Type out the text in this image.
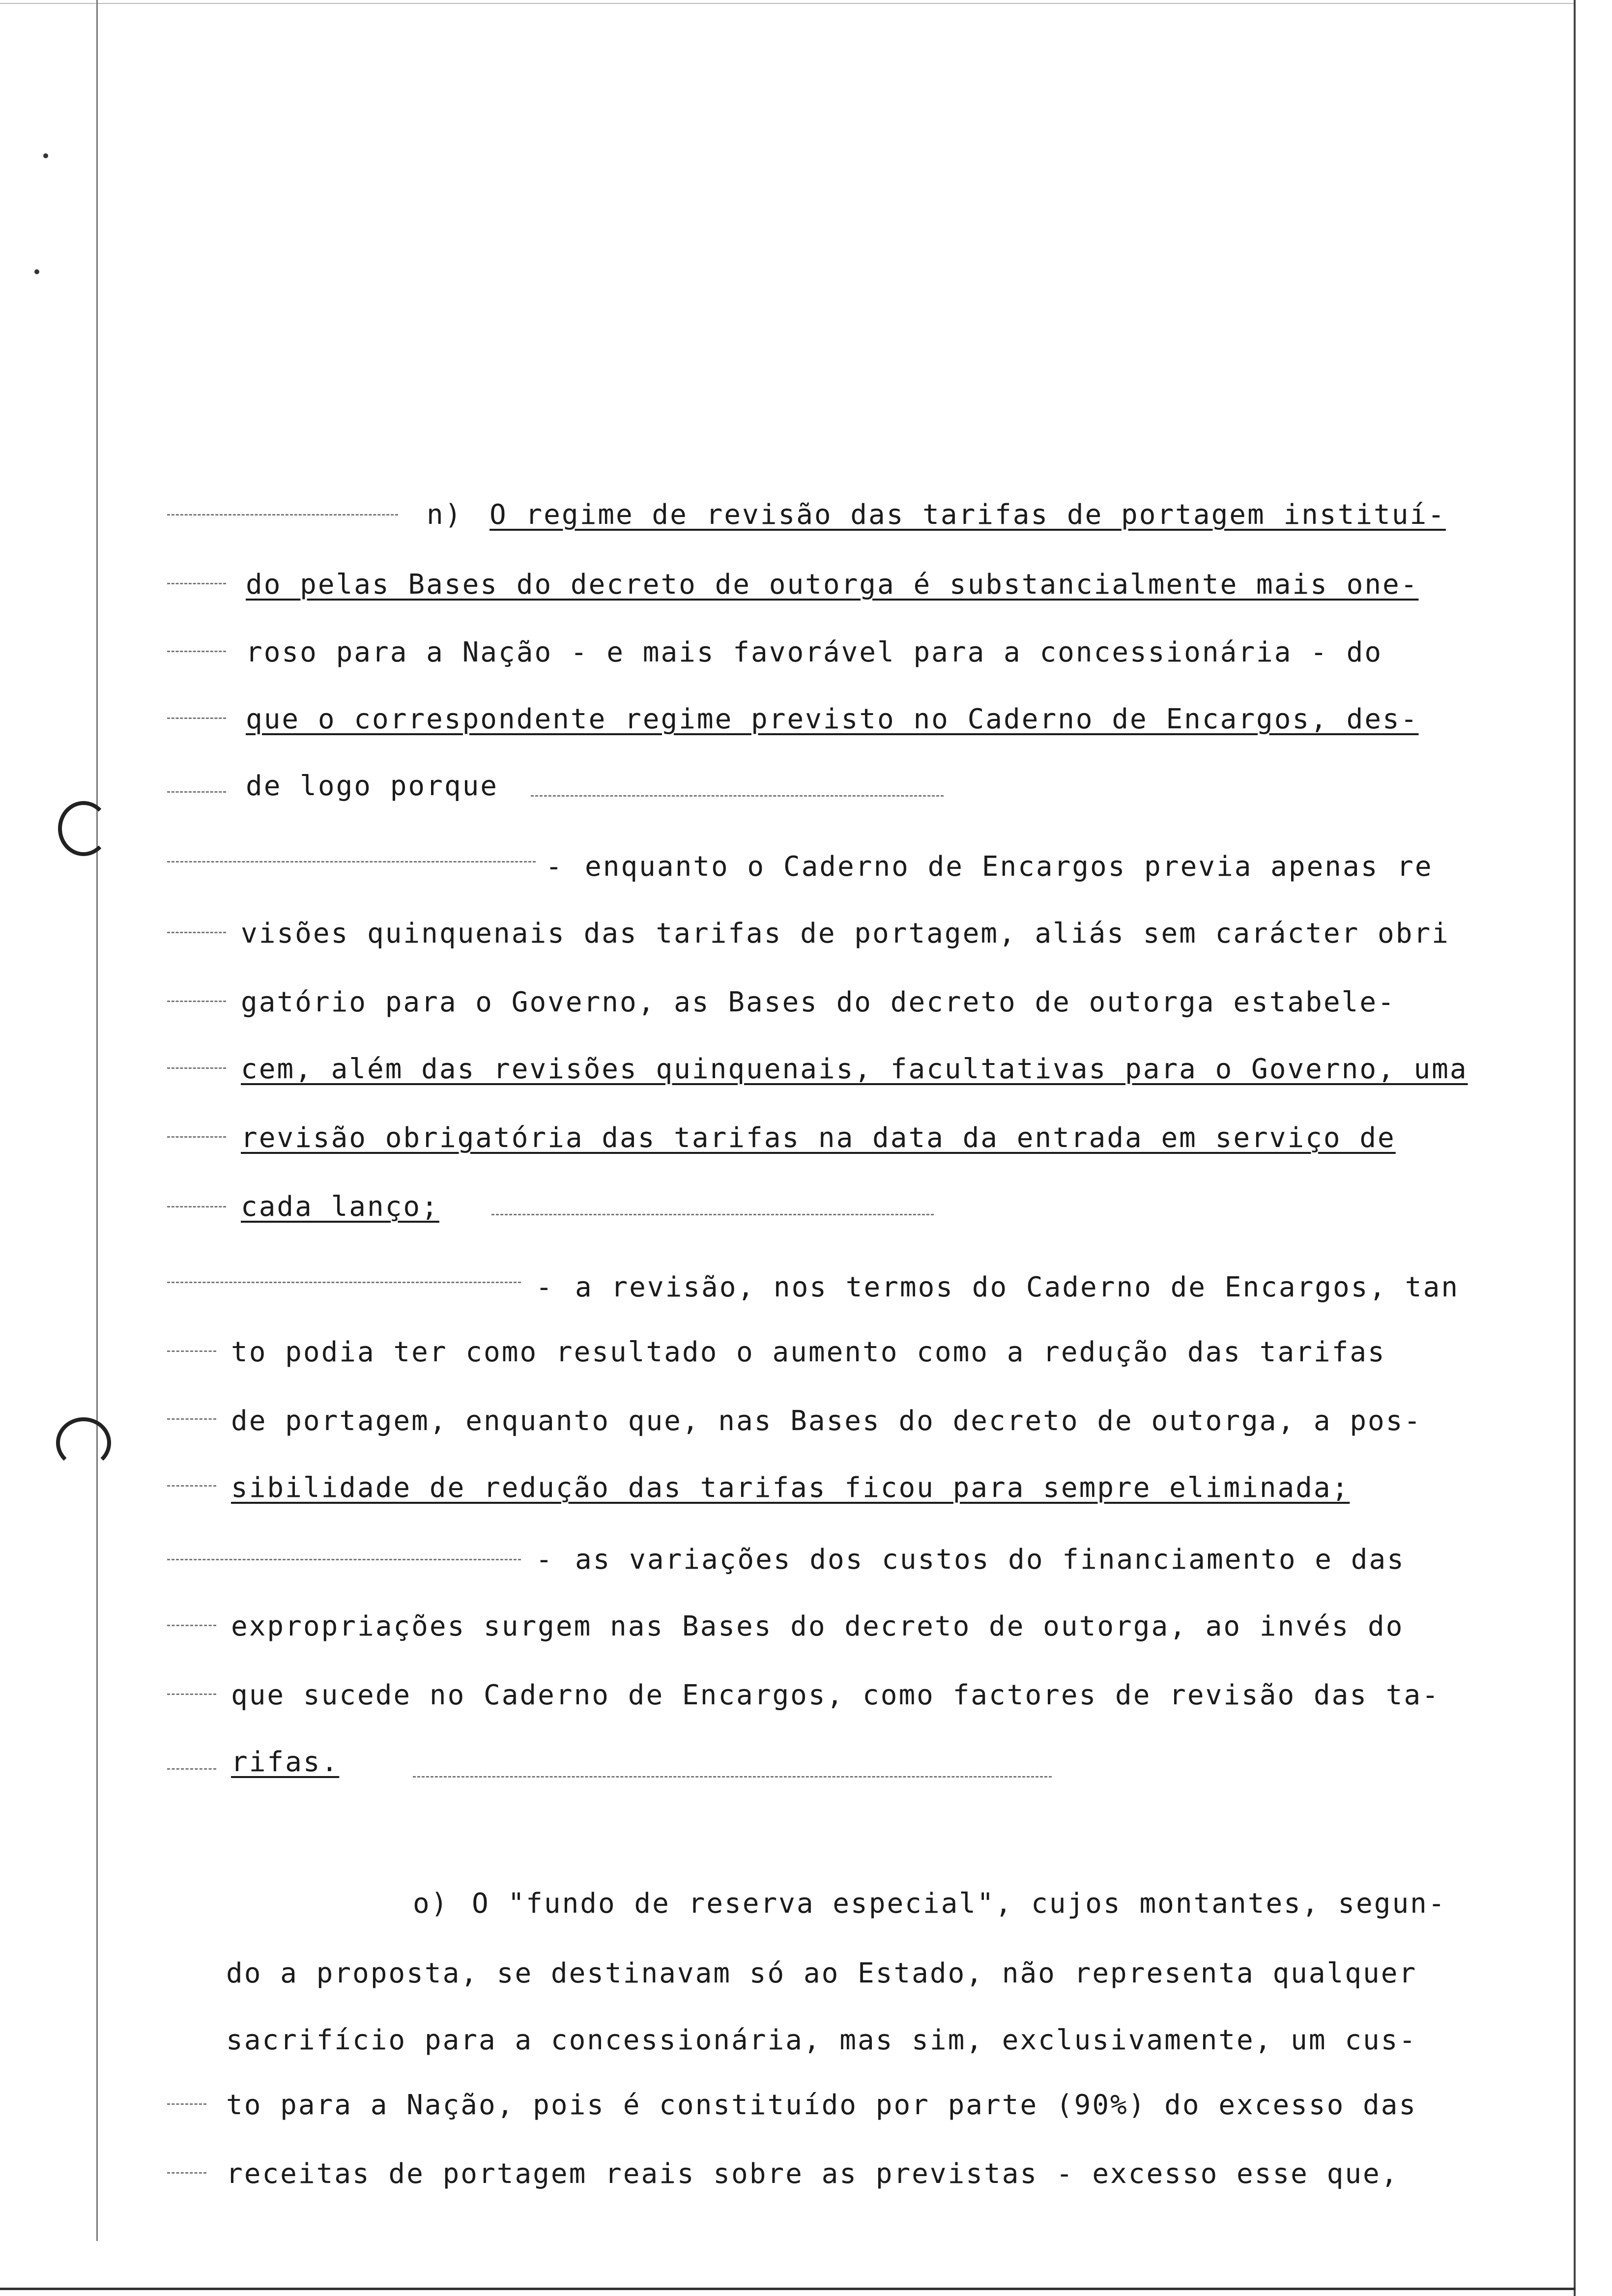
n) O regime de revisão das tarifas de portagem instituí-
do pelas Bases do decreto de outorga é substancialmente mais one-
roso para a Nação - e mais favorável para a concessionária - do
que o correspondente regime previsto no Caderno de Encargos, des-
de logo porque
- enquanto o Caderno de Encargos previa apenas re
visões quinquenais das tarifas de portagem, aliás sem carácter obri
gatório para o Governo, as Bases do decreto de outorga estabele-
cem, além das revisões quinquenais, facultativas para o Governo, uma
revisão obrigatória das tarifas na data da entrada em serviço de
cada lanço;
- a revisão, nos termos do Caderno de Encargos, tan
to podia ter como resultado o aumento como a redução das tarifas
de portagem, enquanto que, nas Bases do decreto de outorga, a pos-
sibilidade de redução das tarifas ficou para sempre eliminada;
- as variações dos custos do financiamento e das
expropriações surgem nas Bases do decreto de outorga, ao invés do
que sucede no Caderno de Encargos, como factores de revisão das ta-
rifas.
o) O "fundo de reserva especial", cujos montantes, segun-
do a proposta, se destinavam só ao Estado, não representa qualquer
sacrifício para a concessionária, mas sim, exclusivamente, um cus-
to para a Nação, pois é constituído por parte (90%) do excesso das
receitas de portagem reais sobre as previstas - excesso esse que,
